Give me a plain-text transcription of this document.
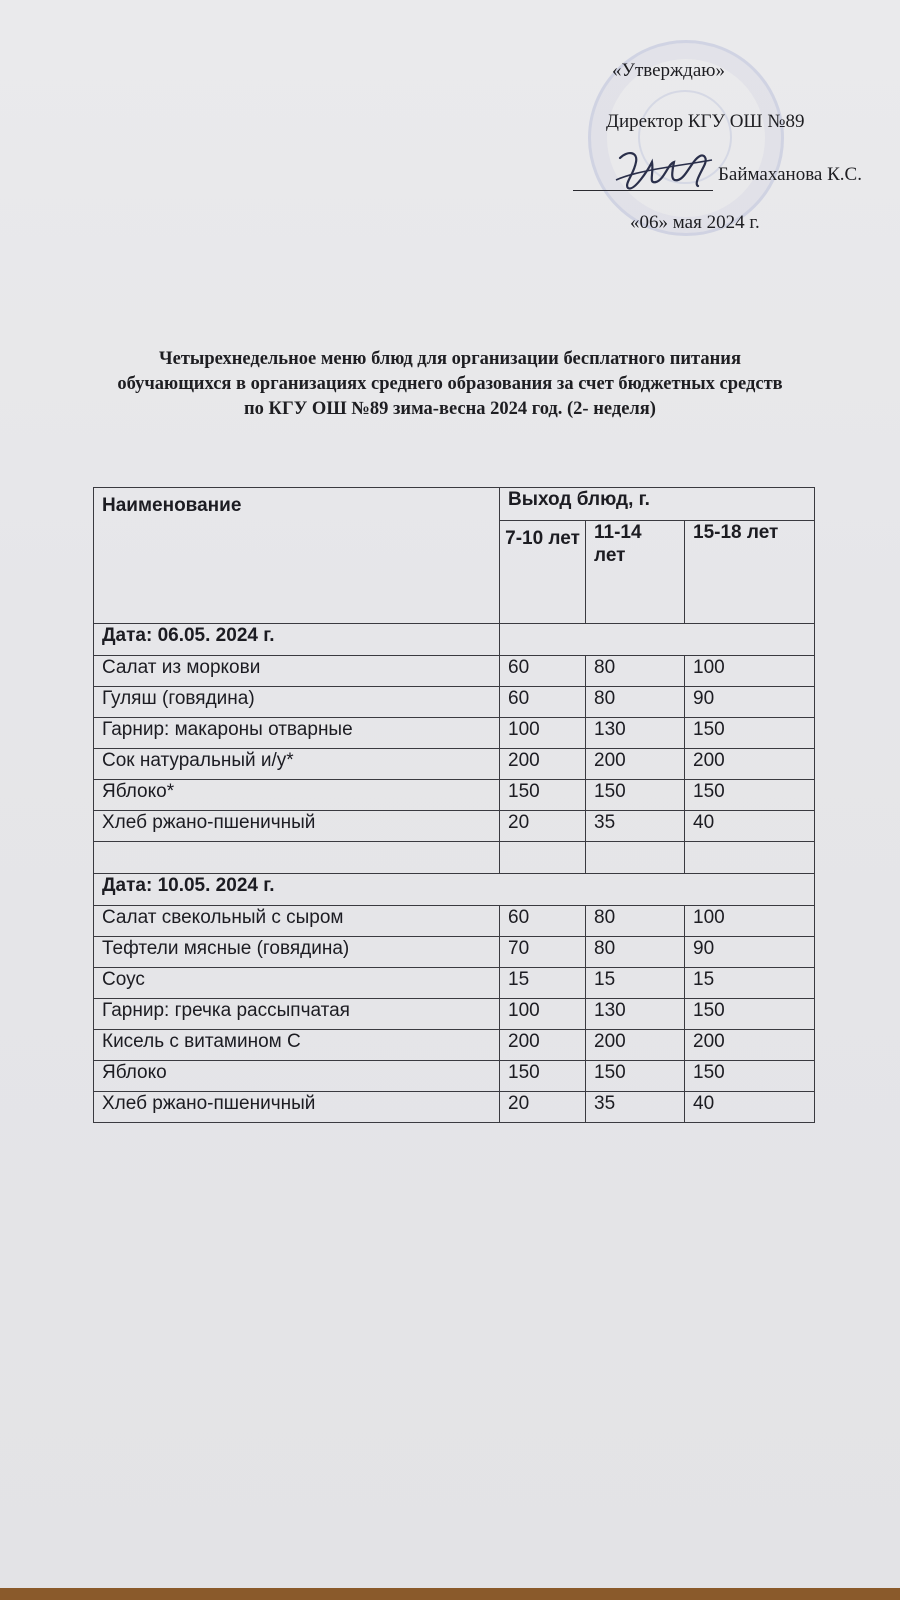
«Утверждаю»
Директор КГУ ОШ №89
Баймаханова К.С.
«06» мая 2024 г.
Четырехнедельное меню блюд для организации бесплатного питания
обучающихся в организациях среднего образования за счет бюджетных средств
по КГУ ОШ №89 зима-весна 2024 год. (2- неделя)
Наименование	Выход блюд, г.		
	7-10 лет	11-14 лет	15-18 лет
Дата: 06.05. 2024 г.			
Салат из моркови	60	80	100
Гуляш (говядина)	60	80	90
Гарнир: макароны отварные	100	130	150
Сок натуральный и/у*	200	200	200
Яблоко*	150	150	150
Хлеб ржано-пшеничный	20	35	40

Дата: 10.05. 2024 г.			
Салат свекольный с сыром	60	80	100
Тефтели мясные (говядина)	70	80	90
Соус	15	15	15
Гарнир: гречка рассыпчатая	100	130	150
Кисель с витамином С	200	200	200
Яблоко	150	150	150
Хлеб ржано-пшеничный	20	35	40
